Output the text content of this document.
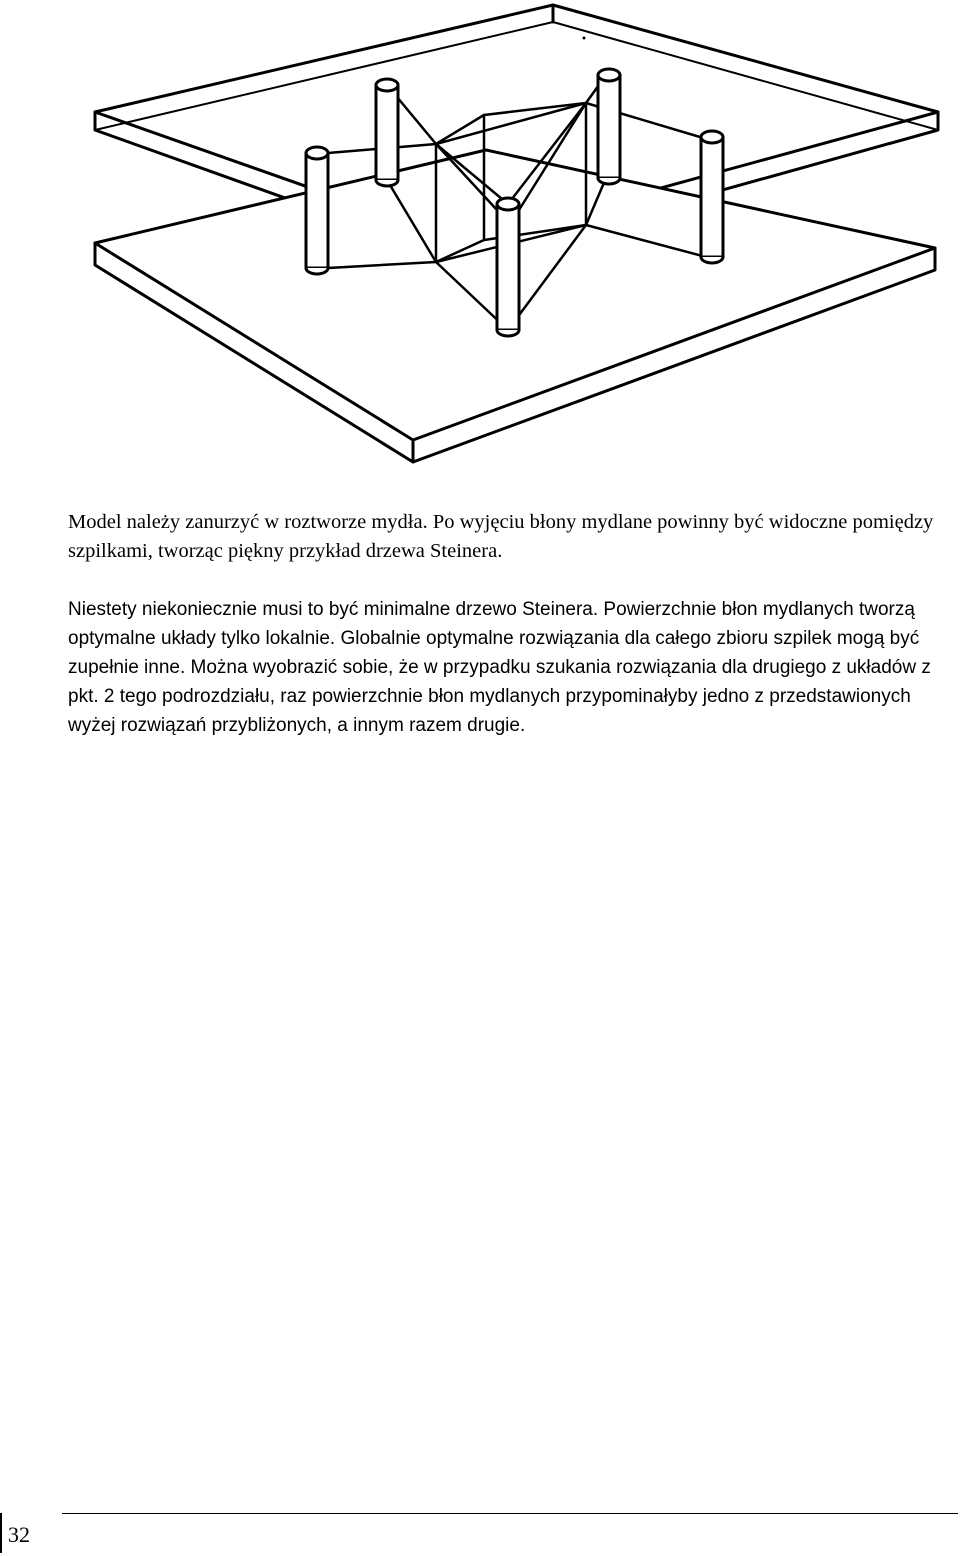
Model należy zanurzyć w roztworze mydła. Po wyjęciu błony mydlane powinny być widoczne pomiędzy szpilkami, tworząc piękny przykład drzewa Steinera.

Niestety niekoniecznie musi to być minimalne drzewo Steinera. Powierzchnie błon mydlanych tworzą optymalne układy tylko lokalnie. Globalnie optymalne rozwiązania dla całego zbioru szpilek mogą być zupełnie inne. Można wyobrazić sobie, że w przypadku szukania rozwiązania dla drugiego z układów z pkt. 2 tego podrozdziału, raz powierzchnie błon mydlanych przypominałyby jedno z przedstawionych wyżej rozwiązań przybliżonych, a innym razem drugie.

32
